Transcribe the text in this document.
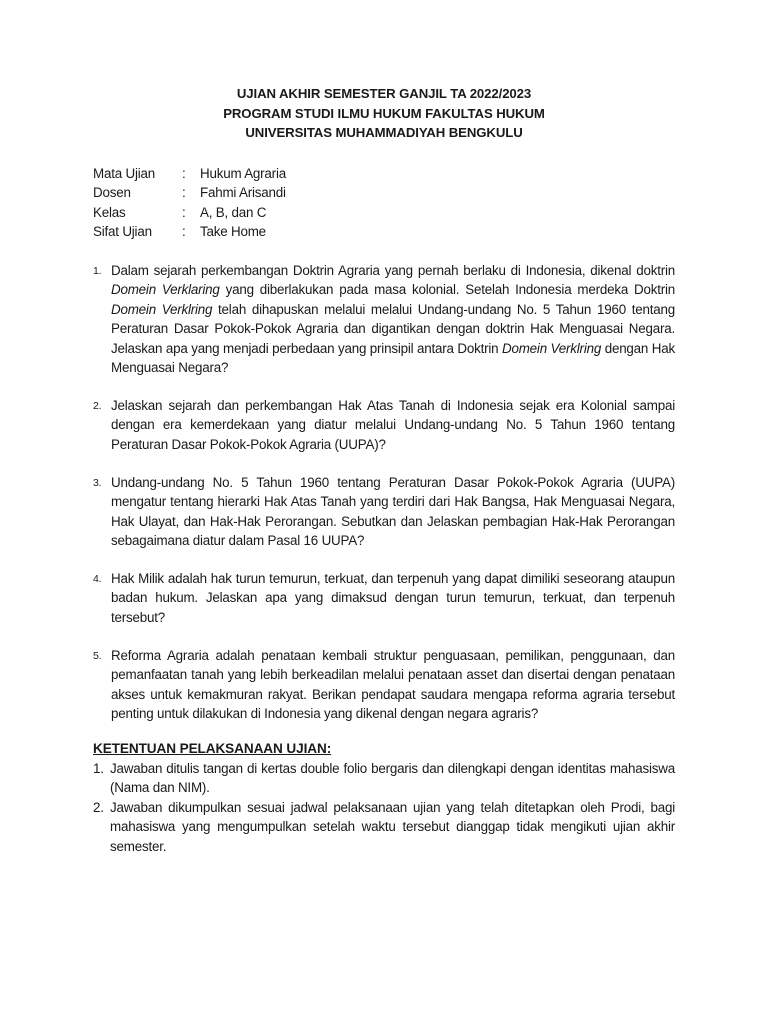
UJIAN AKHIR SEMESTER GANJIL TA 2022/2023
PROGRAM STUDI ILMU HUKUM FAKULTAS HUKUM
UNIVERSITAS MUHAMMADIYAH BENGKULU
Mata Ujian	:	Hukum Agraria
Dosen	:	Fahmi Arisandi
Kelas	:	A, B, dan C
Sifat Ujian	:	Take Home
1. Dalam sejarah perkembangan Doktrin Agraria yang pernah berlaku di Indonesia, dikenal doktrin Domein Verklaring yang diberlakukan pada masa kolonial. Setelah Indonesia merdeka Doktrin Domein Verklring telah dihapuskan melalui melalui Undang-undang No. 5 Tahun 1960 tentang Peraturan Dasar Pokok-Pokok Agraria dan digantikan dengan doktrin Hak Menguasai Negara. Jelaskan apa yang menjadi perbedaan yang prinsipil antara Doktrin Domein Verklring dengan Hak Menguasai Negara?
2. Jelaskan sejarah dan perkembangan Hak Atas Tanah di Indonesia sejak era Kolonial sampai dengan era kemerdekaan yang diatur melalui Undang-undang No. 5 Tahun 1960 tentang Peraturan Dasar Pokok-Pokok Agraria (UUPA)?
3. Undang-undang No. 5 Tahun 1960 tentang Peraturan Dasar Pokok-Pokok Agraria (UUPA) mengatur tentang hierarki Hak Atas Tanah yang terdiri dari Hak Bangsa, Hak Menguasai Negara, Hak Ulayat, dan Hak-Hak Perorangan. Sebutkan dan Jelaskan pembagian Hak-Hak Perorangan sebagaimana diatur dalam Pasal 16 UUPA?
4. Hak Milik adalah hak turun temurun, terkuat, dan terpenuh yang dapat dimiliki seseorang ataupun badan hukum. Jelaskan apa yang dimaksud dengan turun temurun, terkuat, dan terpenuh tersebut?
5. Reforma Agraria adalah penataan kembali struktur penguasaan, pemilikan, penggunaan, dan pemanfaatan tanah yang lebih berkeadilan melalui penataan asset dan disertai dengan penataan akses untuk kemakmuran rakyat. Berikan pendapat saudara mengapa reforma agraria tersebut penting untuk dilakukan di Indonesia yang dikenal dengan negara agraris?
KETENTUAN PELAKSANAAN UJIAN:
1. Jawaban ditulis tangan di kertas double folio bergaris dan dilengkapi dengan identitas mahasiswa (Nama dan NIM).
2. Jawaban dikumpulkan sesuai jadwal pelaksanaan ujian yang telah ditetapkan oleh Prodi, bagi mahasiswa yang mengumpulkan setelah waktu tersebut dianggap tidak mengikuti ujian akhir semester.
